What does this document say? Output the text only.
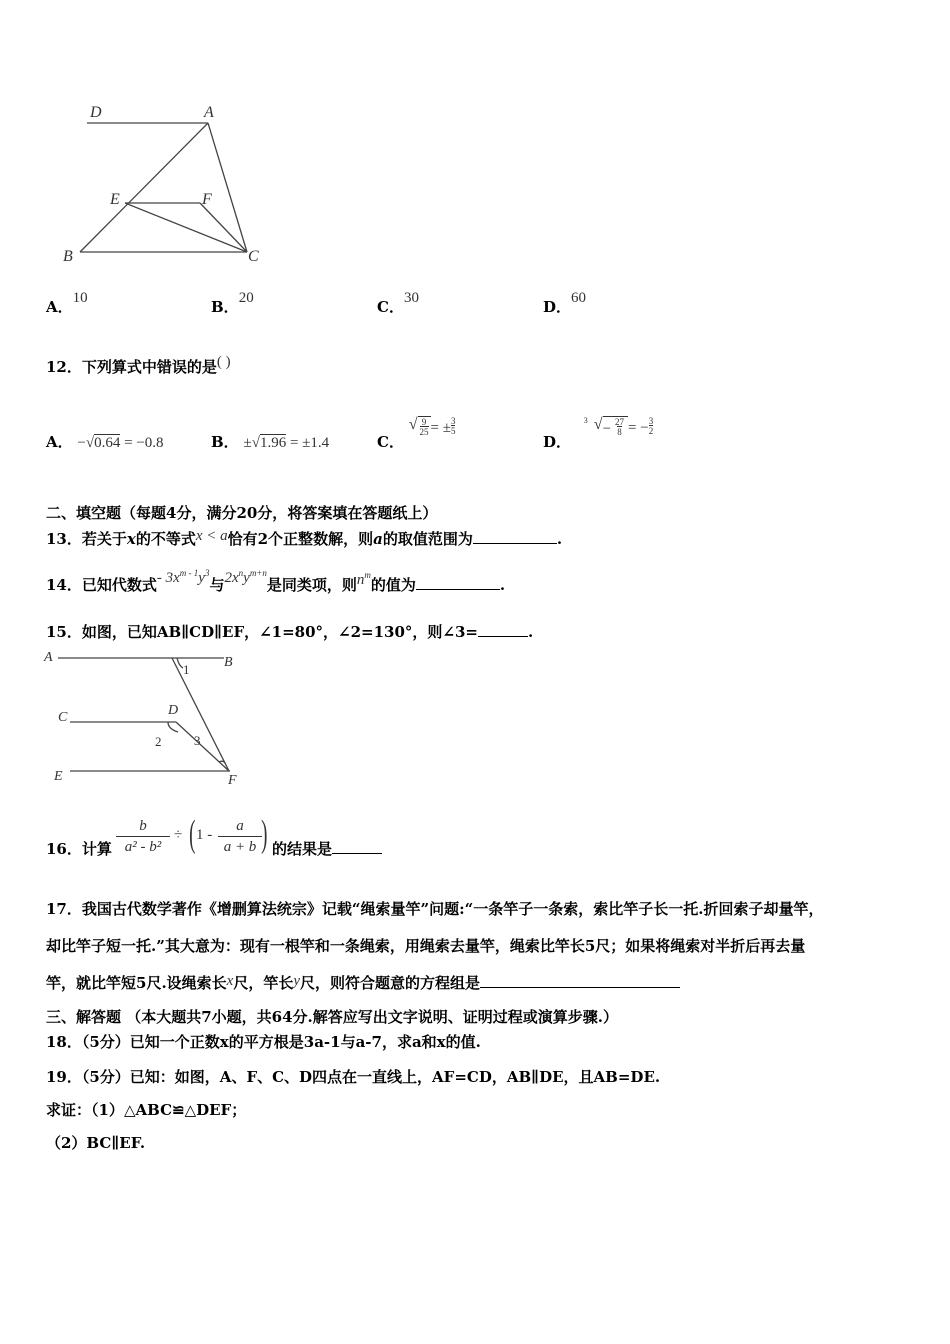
D	A
E	F
B	C
A．10	B．20	C．30	D．60
12．下列算式中错误的是( )
A． −√0.64 = −0.8	B． ±√1.96 = ±1.4	C． $√\frac{9}{25}= \pm\frac{3}{5}$
D． 3 $√-\frac{27}{8}= -\frac{3}{2}$
二、填空题（每题4分，满分20分，将答案填在答题纸上）
13．若关于x的不等式x < a恰有2个正整数解，则a的取值范围为	.
14．已知代数式- $3x^{m - 1}y^3$与$2x^ny^{m+n}$是同类项，则$n^m$的值为	.
15．如图，已知AB∥CD∥EF，∠1=80°，∠2=130°，则∠3=	.
A	B
C	D
E	F
1
2	3
16．计算
b
a² - b²
÷ ( 1 -
a
a + b ) 的结果是
17．我国古代数学著作《增删算法统宗》记载“绳索量竿”问题:“一条竿子一条索，索比竿子长一托.折回索子却量竿，
却比竿子短一托.”其大意为：现有一根竿和一条绳索，用绳索去量竿，绳索比竿长5尺；如果将绳索对半折后再去量
竿，就比竿短5尺.设绳索长x尺，竿长y尺，则符合题意的方程组是
三、解答题 （本大题共7小题，共64分.解答应写出文字说明、证明过程或演算步骤.）
18．（5分）已知一个正数x的平方根是3a-1与a-7，求a和x的值.
19．（5分）已知：如图，A、F、C、D四点在一直线上，AF=CD，AB∥DE，且AB=DE.
求证：（1）△ABC≌△DEF；
（2）BC∥EF.
